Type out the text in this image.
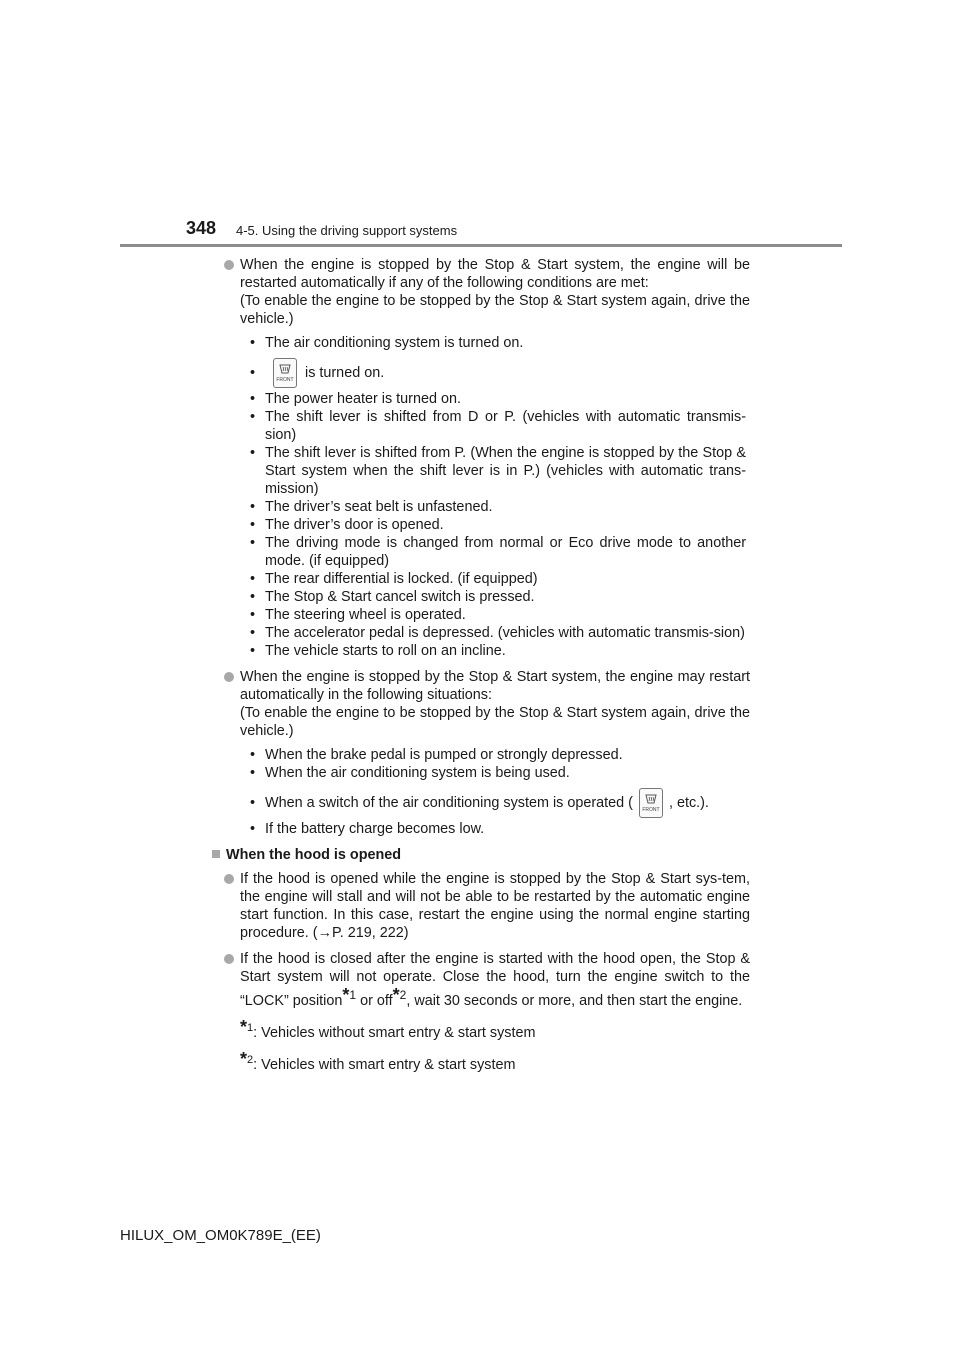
348 4-5. Using the driving support systems
When the engine is stopped by the Stop & Start system, the engine will be restarted automatically if any of the following conditions are met:
(To enable the engine to be stopped by the Stop & Start system again, drive the vehicle.)
• The air conditioning system is turned on.
•	FRONT is turned on.
• The power heater is turned on.
• The shift lever is shifted from D or P. (vehicles with automatic transmis-sion)
• The shift lever is shifted from P. (When the engine is stopped by the Stop & Start system when the shift lever is in P.) (vehicles with automatic trans-mission)
• The driver’s seat belt is unfastened.
• The driver’s door is opened.
• The driving mode is changed from normal or Eco drive mode to another mode. (if equipped)
• The rear differential is locked. (if equipped)
• The Stop & Start cancel switch is pressed.
• The steering wheel is operated.
• The accelerator pedal is depressed. (vehicles with automatic transmis-sion)
• The vehicle starts to roll on an incline.
When the engine is stopped by the Stop & Start system, the engine may restart automatically in the following situations:
(To enable the engine to be stopped by the Stop & Start system again, drive the vehicle.)
• When the brake pedal is pumped or strongly depressed.
• When the air conditioning system is being used.
• When a switch of the air conditioning system is operated ( FRONT , etc.).
• If the battery charge becomes low.
When the hood is opened
If the hood is opened while the engine is stopped by the Stop & Start sys-tem, the engine will stall and will not be able to be restarted by the automatic engine start function. In this case, restart the engine using the normal engine starting procedure. (→P. 219, 222)
If the hood is closed after the engine is started with the hood open, the Stop & Start system will not operate. Close the hood, turn the engine switch to the “LOCK” position*$^1$ or off*$^2$, wait 30 seconds or more, and then start the engine.
*$^1$: Vehicles without smart entry & start system
*$^2$: Vehicles with smart entry & start system
HILUX_OM_OM0K789E_(EE)
